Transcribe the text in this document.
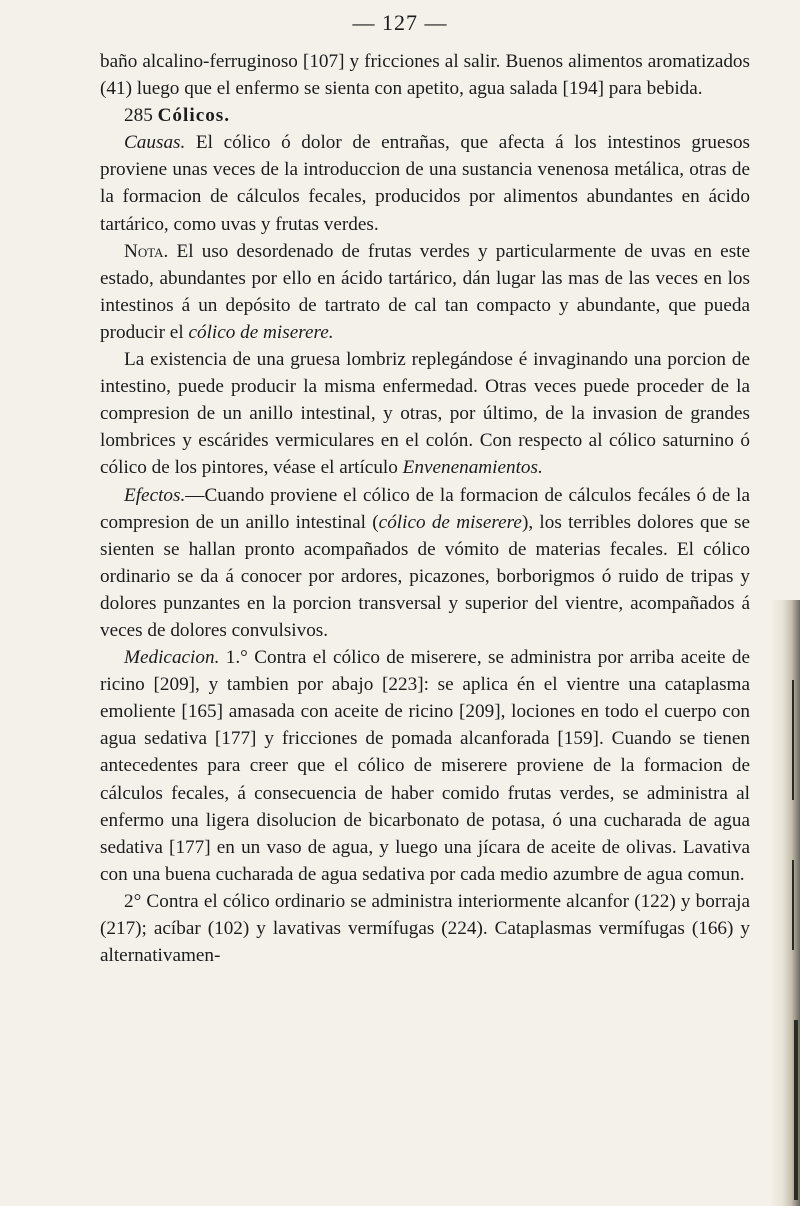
— 127 —

baño alcalino-ferruginoso [107] y fricciones al salir. Buenos alimentos aromatizados (41) luego que el enfermo se sienta con apetito, agua salada [194] para bebida.

285 Cólicos.

Causas. El cólico ó dolor de entrañas, que afecta á los intestinos gruesos proviene unas veces de la introduccion de una sustancia venenosa metálica, otras de la formacion de cálculos fecales, producidos por alimentos abundantes en ácido tartárico, como uvas y frutas verdes.

Nota. El uso desordenado de frutas verdes y particularmente de uvas en este estado, abundantes por ello en ácido tartárico, dán lugar las mas de las veces en los intestinos á un depósito de tartrato de cal tan compacto y abundante, que pueda producir el cólico de miserere.

La existencia de una gruesa lombriz replegándose é invaginando una porcion de intestino, puede producir la misma enfermedad. Otras veces puede proceder de la compresion de un anillo intestinal, y otras, por último, de la invasion de grandes lombrices y escárides vermiculares en el colón. Con respecto al cólico saturnino ó cólico de los pintores, véase el artículo Envenenamientos.

Efectos.—Cuando proviene el cólico de la formacion de cálculos fecáles ó de la compresion de un anillo intestinal (cólico de miserere), los terribles dolores que se sienten se hallan pronto acompañados de vómito de materias fecales. El cólico ordinario se da á conocer por ardores, picazones, borborigmos ó ruido de tripas y dolores punzantes en la porcion transversal y superior del vientre, acompañados á veces de dolores convulsivos.

Medicacion. 1.° Contra el cólico de miserere, se administra por arriba aceite de ricino [209], y tambien por abajo [223]: se aplica én el vientre una cataplasma emoliente [165] amasada con aceite de ricino [209], lociones en todo el cuerpo con agua sedativa [177] y fricciones de pomada alcanforada [159]. Cuando se tienen antecedentes para creer que el cólico de miserere proviene de la formacion de cálculos fecales, á consecuencia de haber comido frutas verdes, se administra al enfermo una ligera disolucion de bicarbonato de potasa, ó una cucharada de agua sedativa [177] en un vaso de agua, y luego una jícara de aceite de olivas. Lavativa con una buena cucharada de agua sedativa por cada medio azumbre de agua comun.

2° Contra el cólico ordinario se administra interiormente alcanfor (122) y borraja (217); acíbar (102) y lavativas vermífugas (224). Cataplasmas vermífugas (166) y alternativamen-
